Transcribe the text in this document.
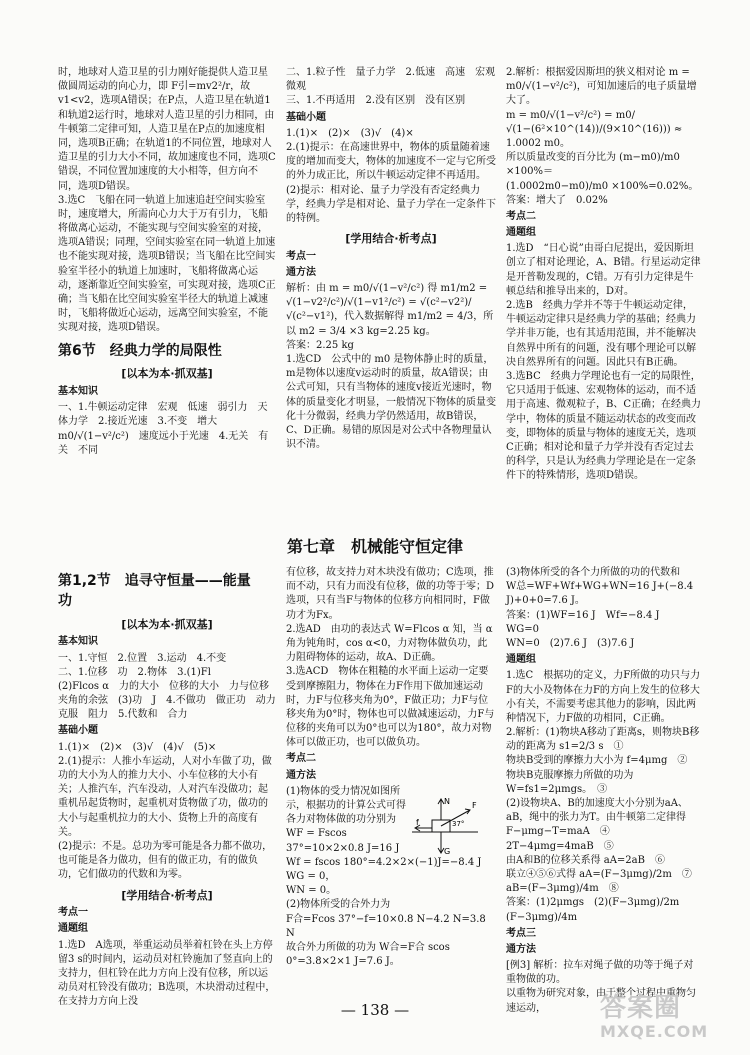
时，地球对人造卫星的引力刚好能提供人造卫星做圆周运动的向心力，即 F引=mv2²/r，故 v1<v2，选项A错误；在P点，人造卫星在轨道1和轨道2运行时，地球对人造卫星的引力相同，由牛顿第二定律可知，人造卫星在P点的加速度相同，选项B正确；在轨道1的不同位置，地球对人造卫星的引力大小不同，故加速度也不同，选项C错误，不同位置加速度的大小相等，但方向不同，选项D错误。

3.选C　飞船在同一轨道上加速追赶空间实验室时，速度增大，所需向心力大于万有引力，飞船将做离心运动，不能实现与空间实验室的对接，选项A错误；同理，空间实验室在同一轨道上加速也不能实现对接，选项B错误；当飞船在比空间实验室半径小的轨道上加速时，飞船将做离心运动，逐渐靠近空间实验室，可实现对接，选项C正确；当飞船在比空间实验室半径大的轨道上减速时，飞船将做近心运动，远离空间实验室，不能实现对接，选项D错误。

第6节　经典力学的局限性
[以本为本·抓双基]
基本知识

一、1.牛顿运动定律　宏观　低速　弱引力　天体力学　2.接近光速　3.不变　增大

m0/√(1−v²/c²)　速度远小于光速　4.无关　有关　不同

二、1.粒子性　量子力学　2.低速　高速　宏观　微观

三、1.不再适用　2.没有区别　没有区别

基础小题

1.(1)×　(2)×　(3)√　(4)×

2.(1)提示：在高速世界中，物体的质量随着速度的增加而变大，物体的加速度不一定与它所受的外力成正比，所以牛顿运动定律不再适用。

(2)提示：相对论、量子力学没有否定经典力学，经典力学是相对论、量子力学在一定条件下的特例。

[学用结合·析考点]
考点一
通方法

解析：由 m = m0/√(1−v²/c²) 得 m1/m2 = √(1−v2²/c²)/√(1−v1²/c²) = √(c²−v2²)/√(c²−v1²)，代入数据解得 m1/m2 = 4/3，所以 m2 = 3/4 ×3 kg=2.25 kg。

答案：2.25 kg

1.选CD　公式中的 m0 是物体静止时的质量，m是物体以速度v运动时的质量，故A错误；由公式可知，只有当物体的速度v接近光速时，物体的质量变化才明显，一般情况下物体的质量变化十分微弱，经典力学仍然适用，故B错误，C、D正确。易错的原因是对公式中各物理量认识不清。

2.解析：根据爱因斯坦的狭义相对论 m = m0/√(1−v²/c²)，可知加速后的电子质量增大了。

m = m0/√(1−v²/c²) = m0/√(1−(6²×10^(14))/(9×10^(16))) ≈ 1.0002 m0。

所以质量改变的百分比为 (m−m0)/m0 ×100%＝

(1.0002m0−m0)/m0 ×100%=0.02%。

答案：增大了　0.02%

考点二
通题组

1.选D　“日心说”由哥白尼提出，爱因斯坦创立了相对论理论，A、B错。行星运动定律是开普勒发现的，C错。万有引力定律是牛顿总结和推导出来的，D对。

2.选B　经典力学并不等于牛顿运动定律，牛顿运动定律只是经典力学的基础；经典力学并非万能，也有其适用范围，并不能解决自然界中所有的问题，没有哪个理论可以解决自然界所有的问题。因此只有B正确。

3.选BC　经典力学理论也有一定的局限性，它只适用于低速、宏观物体的运动，而不适用于高速、微观粒子，B、C正确；在经典力学中，物体的质量不随运动状态的改变而改变，即物体的质量与物体的速度无关，选项C正确；相对论和量子力学并没有否定过去的科学，只是认为经典力学理论是在一定条件下的特殊情形，选项D错误。

第七章　机械能守恒定律
第1,2节　追寻守恒量——能量　功
[以本为本·抓双基]
基本知识

一、1.守恒　2.位置　3.运动　4.不变

二、1.位移　功　2.物体　3.(1)Fl

(2)Flcos α　力的大小　位移的大小　力与位移夹角的余弦　(3)功　J　4.不做功　做正功　动力　克服　阻力　5.代数和　合力

基础小题

1.(1)×　(2)×　(3)√　(4)√　(5)×

2.(1)提示：人推小车运动，人对小车做了功，做功的大小为人的推力大小、小车位移的大小有关；人推汽车，汽车没动，人对汽车没做功；起重机吊起货物时，起重机对货物做了功，做功的大小与起重机拉力的大小、货物上升的高度有关。

(2)提示：不是。总功为零可能是各力都不做功，也可能是各力做功，但有的做正功，有的做负功，它们做功的代数和为零。

[学用结合·析考点]
考点一
通题组

1.选D　A选项，举重运动员举着杠铃在头上方停留3 s的时间内，运动员对杠铃施加了竖直向上的支持力，但杠铃在此力方向上没有位移，所以运动员对杠铃没有做功；B选项，木块滑动过程中，在支持力方向上没

有位移，故支持力对木块没有做功；C选项，推而不动，只有力而没有位移，做的功等于零；D选项，只有当F与物体的位移方向相同时，F做功才为Fx。

2.选AD　由功的表达式 W=Flcos α 知，当 α 角为钝角时，cos α<0，力对物体做负功，此力阻碍物体的运动，故A、D正确。

3.选ACD　物体在粗糙的水平面上运动一定要受到摩擦阻力，物体在力F作用下做加速运动时，力F与位移夹角为0°，F做正功；力F与位移夹角为0°时，物体也可以做减速运动，力F与位移的夹角可以为0°也可以为180°，故力对物体可以做正功，也可以做负功。

考点二
通方法

(1)物体的受力情况如图所示，根据功的计算公式可得各力对物体做的功分别为

WF = Fscos 37°=10×2×0.8 J=16 J

Wf = fscos 180°=4.2×2×(−1)J=−8.4 J

WG = 0，

WN = 0。

(2)物体所受的合外力为

F合=Fcos 37°−f=10×0.8 N−4.2 N=3.8 N

故合外力所做的功为 W合=F合 scos 0°=3.8×2×1 J=7.6 J。

(3)物体所受的各个力所做的功的代数和

W总=WF+Wf+WG+WN=16 J+(−8.4 J)+0+0=7.6 J。

答案：(1)WF=16 J　Wf=−8.4 J　WG=0

WN=0　(2)7.6 J　(3)7.6 J

通题组

1.选C　根据功的定义，力F所做的功只与力F的大小及物体在力F的方向上发生的位移大小有关，不需要考虑其他力的影响，因此两种情况下，力F做的功相同，C正确。

2.解析：(1)物块A移动了距离s，则物块B移动的距离为 s1=2/3 s　①

物块B受到的摩擦力大小为 f=4μmg　②

物块B克服摩擦力所做的功为 W=fs1=2μmgs。　③

(2)设物块A、B的加速度大小分别为aA、aB，绳中的张力为T。由牛顿第二定律得 F−μmg−T=maA　④

2T−4μmg=4maB　⑤

由A和B的位移关系得 aA=2aB　⑥

联立④⑤⑥式得 aA=(F−3μmg)/2m　⑦

aB=(F−3μmg)/4m　⑧

答案：(1)2μmgs　(2)(F−3μmg)/2m　(F−3μmg)/4m

考点三
通方法

[例3] 解析：拉车对绳子做的功等于绳子对重物做的功。

以重物为研究对象，由于整个过程中重物匀速运动，

N	F
37°
f
G
— 138 —	答案圈
MXQE.COM
